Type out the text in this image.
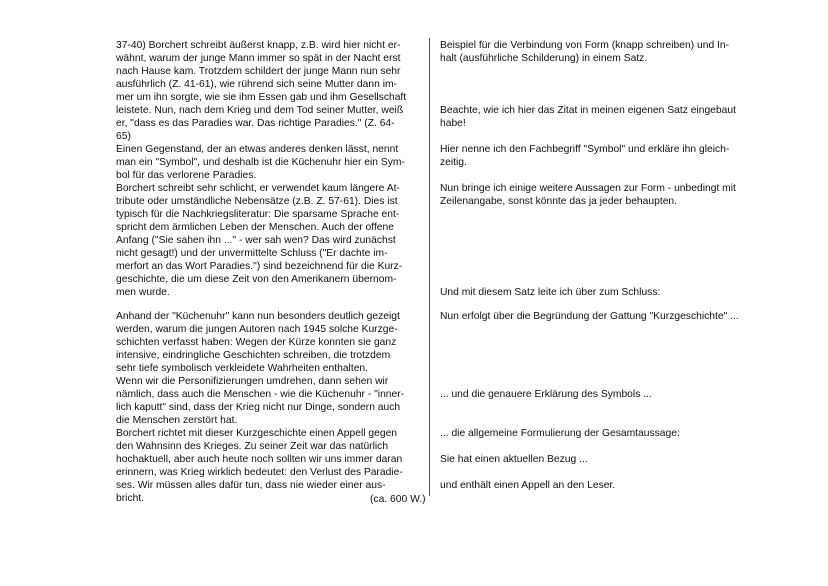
37-40) Borchert schreibt äußerst knapp, z.B. wird hier nicht er-
wähnt, warum der junge Mann immer so spät in der Nacht erst
nach Hause kam. Trotzdem schildert der junge Mann nun sehr
ausführlich (Z. 41-61), wie rührend sich seine Mutter dann im-
mer um ihn sorgte, wie sie ihm Essen gab und ihm Gesellschaft
leistete. Nun, nach dem Krieg und dem Tod seiner Mutter, weiß
er, "dass es das Paradies war. Das richtige Paradies." (Z. 64-
65)
Einen Gegenstand, der an etwas anderes denken lässt, nennt
man ein "Symbol", und deshalb ist die Küchenuhr hier ein Sym-
bol für das verlorene Paradies.
Borchert schreibt sehr schlicht, er verwendet kaum längere At-
tribute oder umständliche Nebensätze (z.B. Z. 57-61). Dies ist
typisch für die Nachkriegsliteratur: Die sparsame Sprache ent-
spricht dem ärmlichen Leben der Menschen. Auch der offene
Anfang ("Sie sahen ihn ..." - wer sah wen? Das wird zunächst
nicht gesagt!) und der unvermittelte Schluss ("Er dachte im-
merfort an das Wort Paradies.") sind bezeichnend für die Kurz-
geschichte, die um diese Zeit von den Amerikanern übernom-
men wurde.
Anhand der "Küchenuhr" kann nun besonders deutlich gezeigt
werden, warum die jungen Autoren nach 1945 solche Kurzge-
schichten verfasst haben: Wegen der Kürze konnten sie ganz
intensive, eindringliche Geschichten schreiben, die trotzdem
sehr tiefe symbolisch verkleidete Wahrheiten enthalten.
Wenn wir die Personifizierungen umdrehen, dann sehen wir
nämlich, dass auch die Menschen - wie die Küchenuhr - "inner-
lich kaputt" sind, dass der Krieg nicht nur Dinge, sondern auch
die Menschen zerstört hat.
Borchert richtet mit dieser Kurzgeschichte einen Appell gegen
den Wahnsinn des Krieges. Zu seiner Zeit war das natürlich
hochaktuell, aber auch heute noch sollten wir uns immer daran
erinnern, was Krieg wirklich bedeutet: den Verlust des Paradie-
ses. Wir müssen alles dafür tun, dass nie wieder einer aus-
bricht.	(ca. 600 W.)
Beispiel für die Verbindung von Form (knapp schreiben) und In-
halt (ausführliche Schilderung) in einem Satz.
Beachte, wie ich hier das Zitat in meinen eigenen Satz eingebaut
habe!
Hier nenne ich den Fachbegriff "Symbol" und erkläre ihn gleich-
zeitig.
Nun bringe ich einige weitere Aussagen zur Form - unbedingt mit
Zeilenangabe, sonst könnte das ja jeder behaupten.
Und mit diesem Satz leite ich über zum Schluss:
Nun erfolgt über die Begründung der Gattung "Kurzgeschichte" ...
... und die genauere Erklärung des Symbols ...
... die allgemeine Formulierung der Gesamtaussage:
Sie hat einen aktuellen Bezug ...
und enthält einen Appell an den Leser.
